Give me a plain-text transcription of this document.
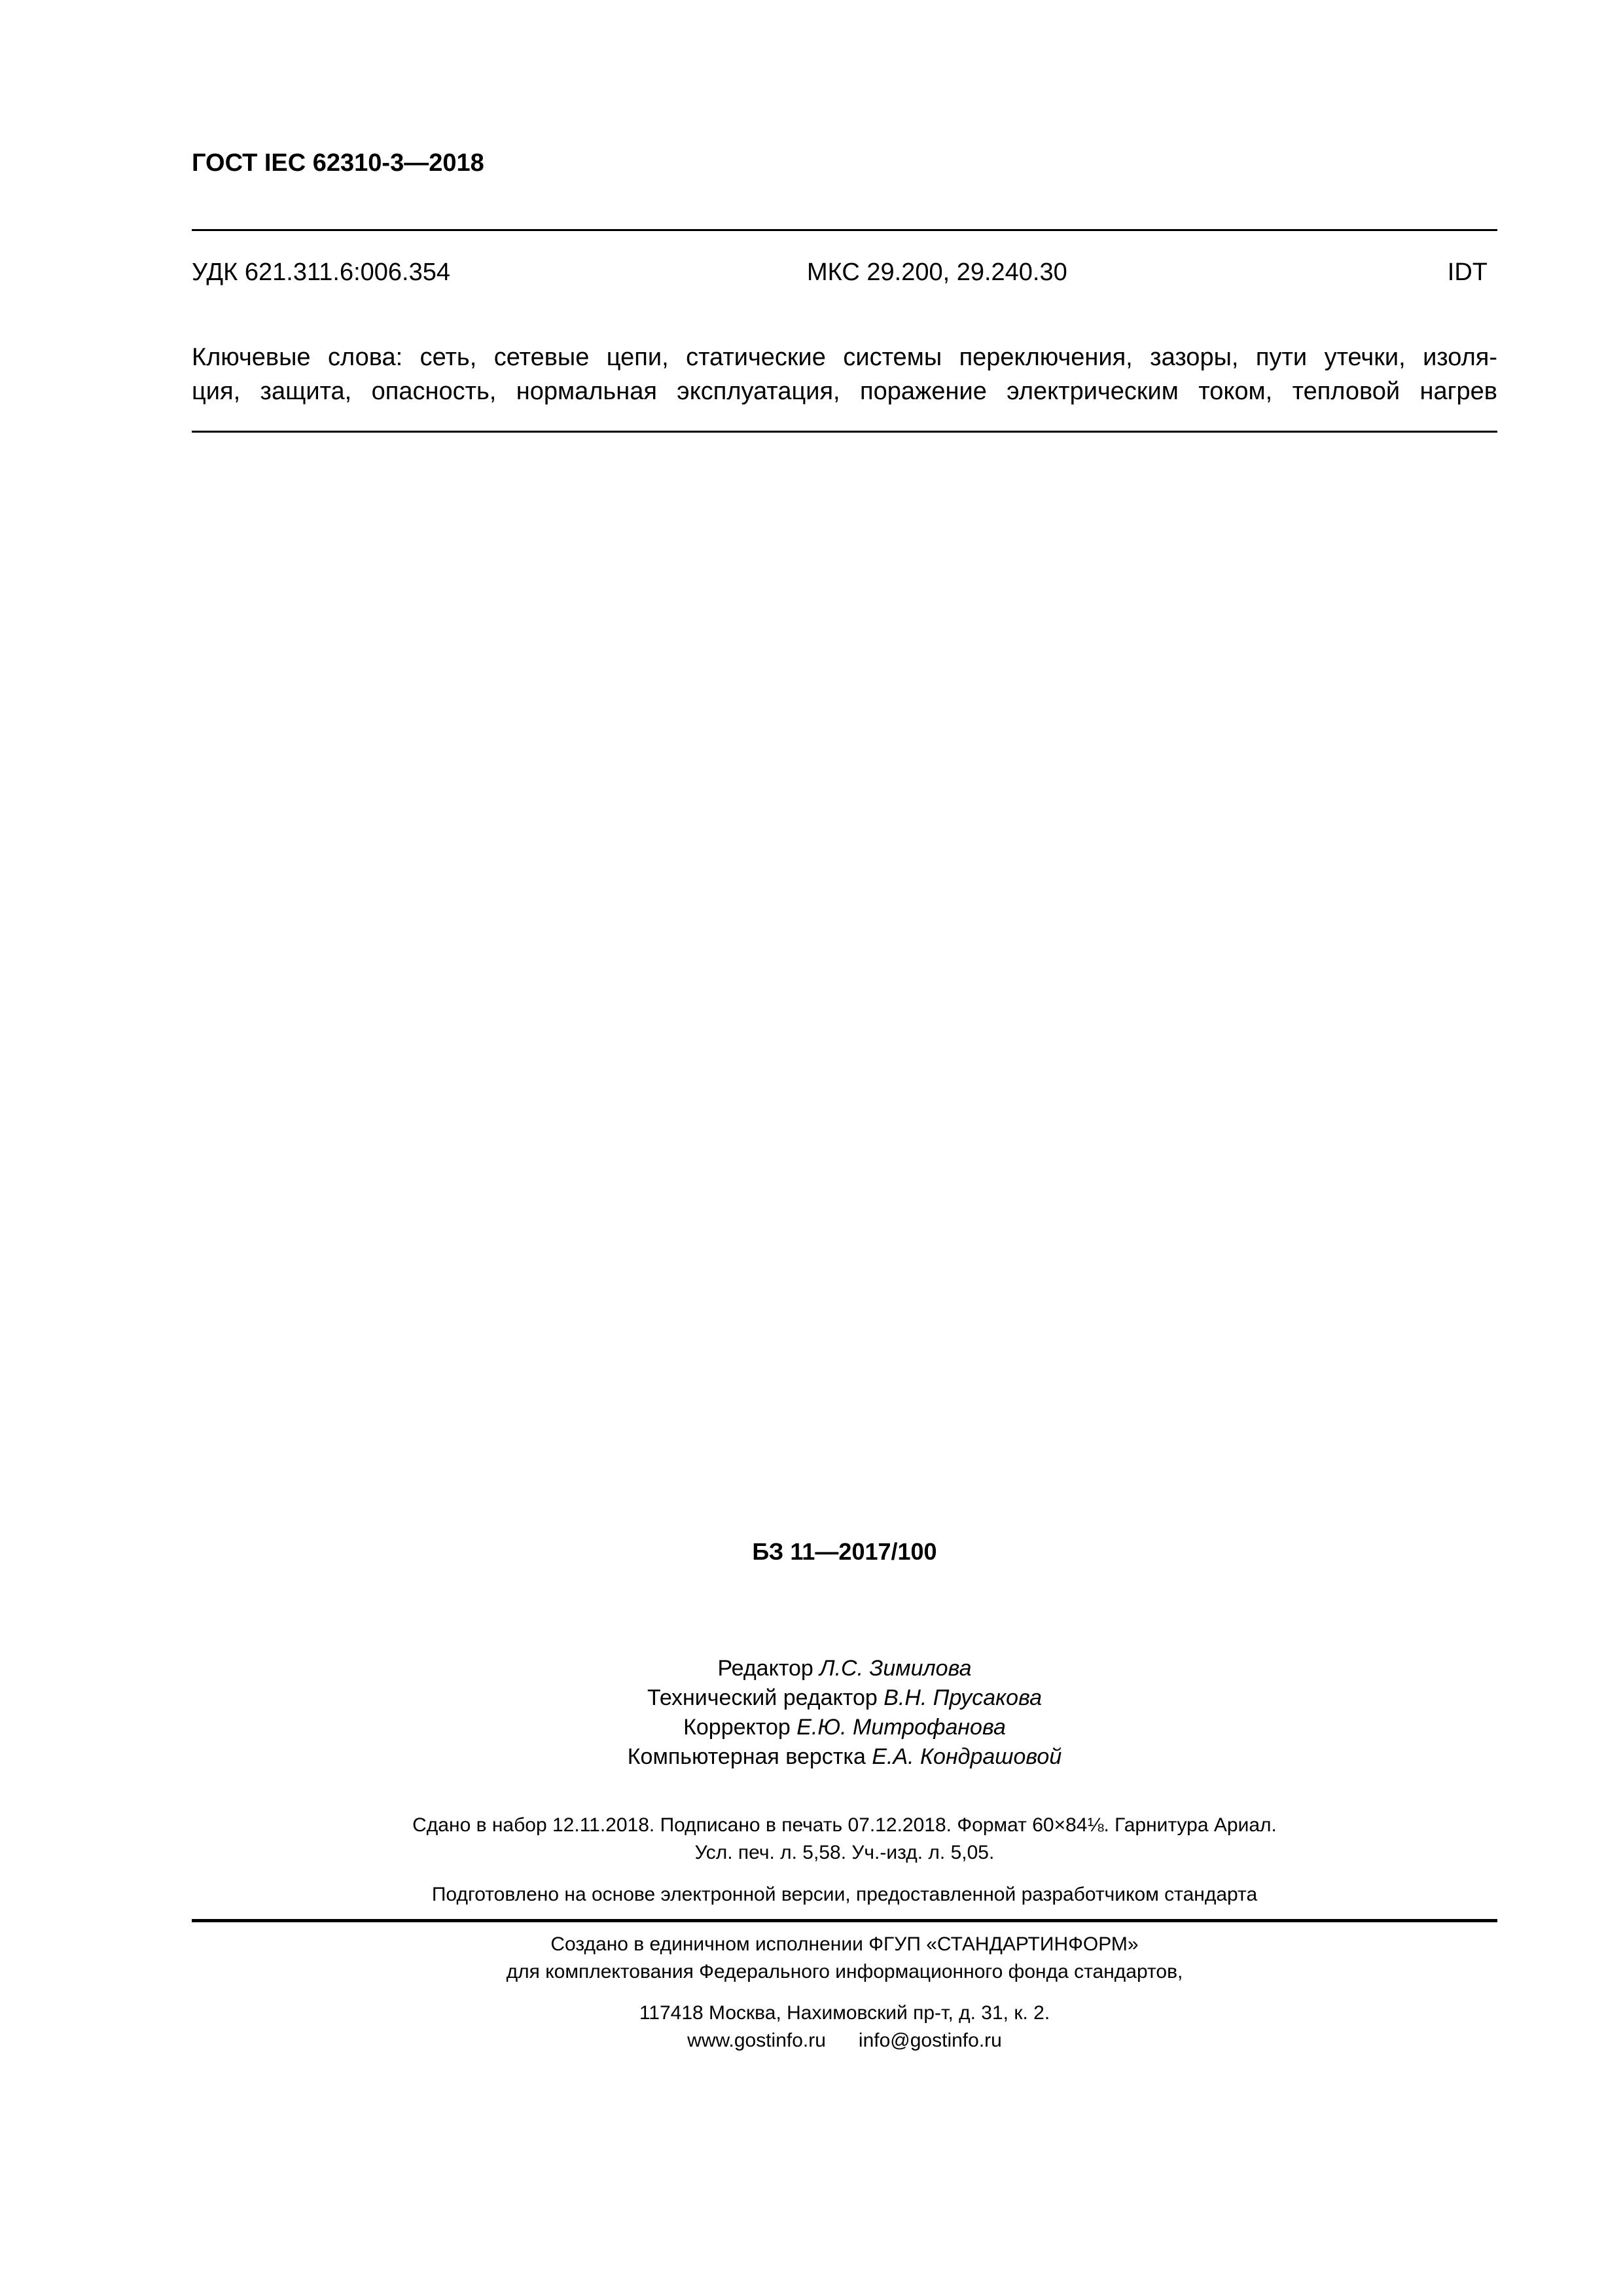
ГОСТ IEC 62310-3—2018
УДК 621.311.6:006.354	МКС 29.200, 29.240.30	IDT
Ключевые слова: сеть, сетевые цепи, статические системы переключения, зазоры, пути утечки, изоля-
ция, защита, опасность, нормальная эксплуатация, поражение электрическим током, тепловой нагрев
БЗ 11—2017/100
Редактор Л.С. Зимилова
Технический редактор В.Н. Прусакова
Корректор Е.Ю. Митрофанова
Компьютерная верстка Е.А. Кондрашовой
Сдано в набор 12.11.2018. Подписано в печать 07.12.2018. Формат 60×84⅛. Гарнитура Ариал.
Усл. печ. л. 5,58. Уч.-изд. л. 5,05.
Подготовлено на основе электронной версии, предоставленной разработчиком стандарта
Создано в единичном исполнении ФГУП «СТАНДАРТИНФОРМ»
для комплектования Федерального информационного фонда стандартов,
117418 Москва, Нахимовский пр-т, д. 31, к. 2.
www.gostinfo.ru info@gostinfo.ru
